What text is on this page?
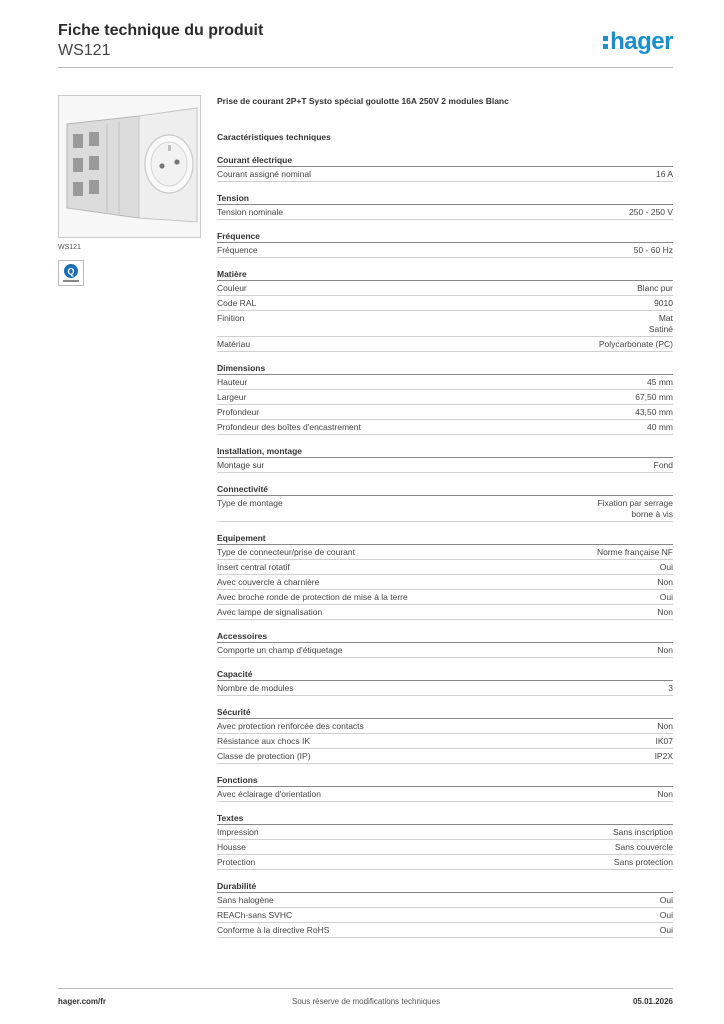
Fiche technique du produit
WS121	hager
WS121
Q
Prise de courant 2P+T Systo spécial goulotte 16A 250V 2 modules Blanc
Caractéristiques techniques
Courant électrique
Courant assigné nominal	16 A
Tension
Tension nominale	250 - 250 V
Fréquence
Fréquence	50 - 60 Hz
Matière
Couleur	Blanc pur
Code RAL	9010
Finition	Mat
Satiné
Matériau	Polycarbonate (PC)
Dimensions
Hauteur	45 mm
Largeur	67,50 mm
Profondeur	43,50 mm
Profondeur des boîtes d'encastrement	40 mm
Installation, montage
Montage sur	Fond
Connectivité
Type de montage	Fixation par serrage
borne à vis
Equipement
Type de connecteur/prise de courant	Norme française NF
Insert central rotatif	Oui
Avec couvercle à charnière	Non
Avec broche ronde de protection de mise à la terre	Oui
Avec lampe de signalisation	Non
Accessoires
Comporte un champ d'étiquetage	Non
Capacité
Nombre de modules	3
Sécurité
Avec protection renforcée des contacts	Non
Résistance aux chocs IK	IK07
Classe de protection (IP)	IP2X
Fonctions
Avec éclairage d'orientation	Non
Textes
Impression	Sans inscription
Housse	Sans couvercle
Protection	Sans protection
Durabilité
Sans halogène	Oui
REACh-sans SVHC	Oui
Conforme à la directive RoHS	Oui
hager.com/fr	Sous réserve de modifications techniques	05.01.2026
